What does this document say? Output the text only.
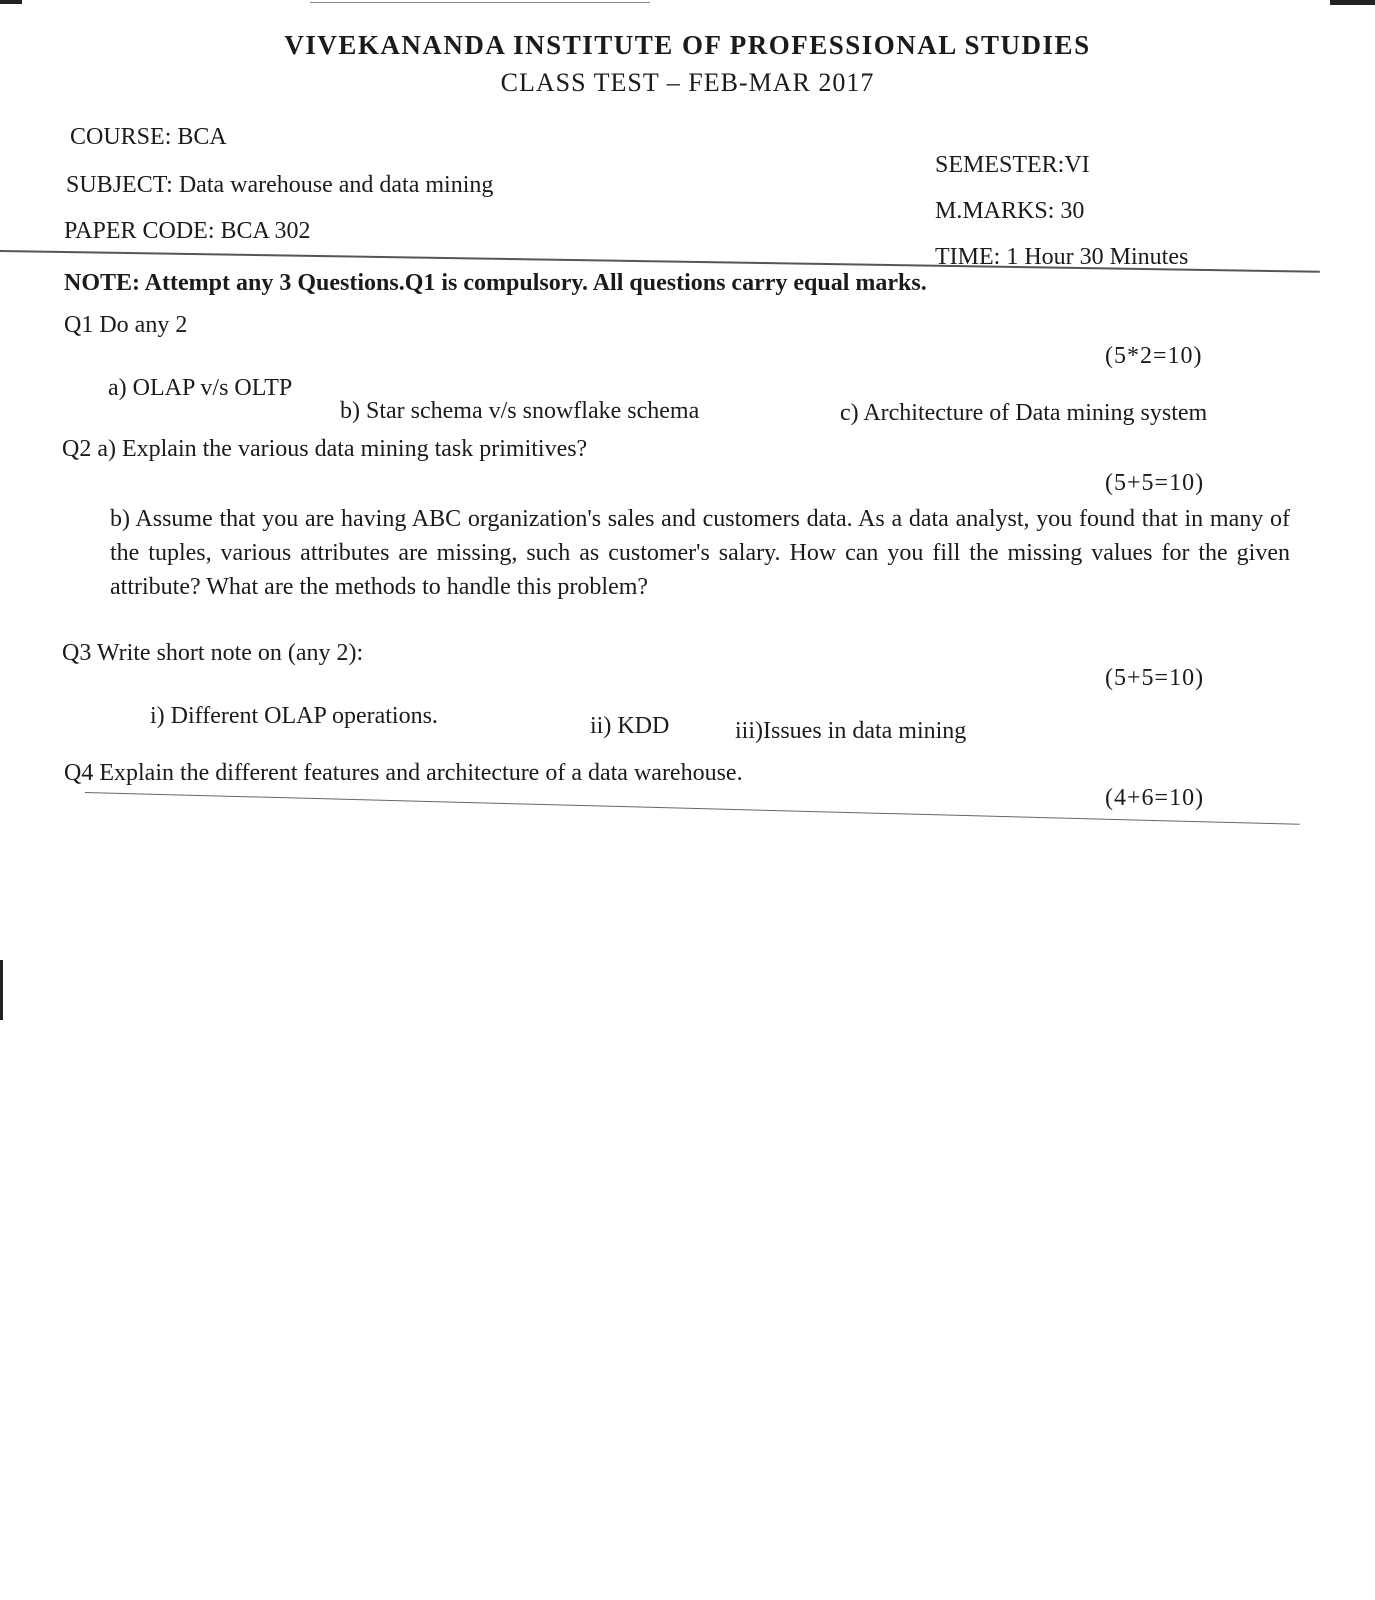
VIVEKANANDA INSTITUTE OF PROFESSIONAL STUDIES
CLASS TEST – FEB-MAR 2017
COURSE: BCA
SUBJECT: Data warehouse and data mining
PAPER CODE: BCA 302
SEMESTER:VI
M.MARKS: 30
TIME: 1 Hour 30 Minutes
NOTE: Attempt any 3 Questions.Q1 is compulsory. All questions carry equal marks.
Q1 Do any 2
(5*2=10)
a) OLAP v/s OLTP
b) Star schema v/s snowflake schema	c) Architecture of Data mining system
Q2 a) Explain the various data mining task primitives?
(5+5=10)
b) Assume that you are having ABC organization's sales and customers data. As a data analyst, you found that in many of the tuples, various attributes are missing, such as customer's salary. How can you fill the missing values for the given attribute? What are the methods to handle this problem?
Q3 Write short note on (any 2):
(5+5=10)
i) Different OLAP operations.	ii) KDD	iii)Issues in data mining
Q4 Explain the different features and architecture of a data warehouse.
(4+6=10)
